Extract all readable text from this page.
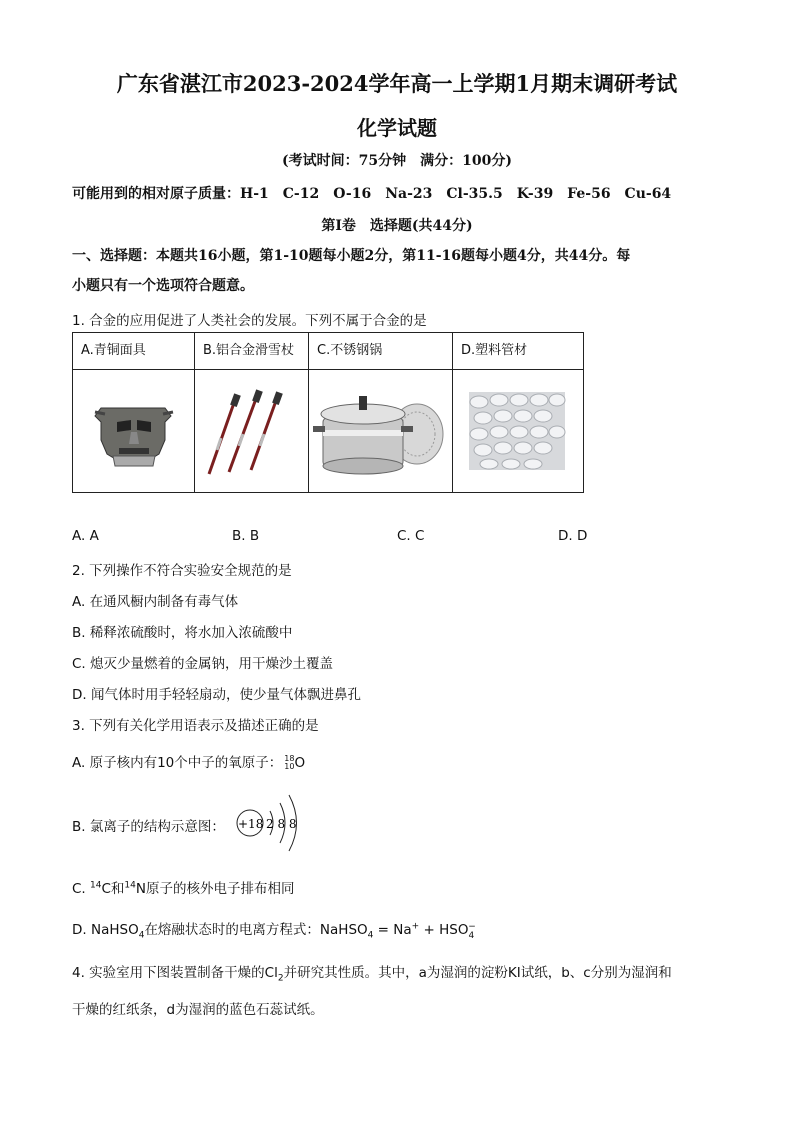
广东省湛江市2023-2024学年高一上学期1月期末调研考试
化学试题
(考试时间：75分钟　满分：100分)
可能用到的相对原子质量：H-1　C-12　O-16　Na-23　Cl-35.5　K-39　Fe-56　Cu-64
第Ⅰ卷　选择题(共44分)
一、选择题：本题共16小题，第1-10题每小题2分，第11-16题每小题4分，共44分。每
小题只有一个选项符合题意。
1. 合金的应用促进了人类社会的发展。下列不属于合金的是
A.青铜面具	B.铝合金滑雪杖	C.不锈钢锅	D.塑料管材

A. A	B. B	C. C	D. D
2. 下列操作不符合实验安全规范的是
A. 在通风橱内制备有毒气体
B. 稀释浓硫酸时，将水加入浓硫酸中
C. 熄灭少量燃着的金属钠，用干燥沙土覆盖
D. 闻气体时用手轻轻扇动，使少量气体飘进鼻孔
3. 下列有关化学用语表示及描述正确的是
A. 原子核内有10个中子的氧原子： 18
10 O
B. 氯离子的结构示意图： +18 2 8 8
C. $^{14}$C和$^{14}$N原子的核外电子排布相同
D. NaHSO$_4$在熔融状态时的电离方程式：NaHSO$_4$ = $Na^+ + HSO_4^-$
4. 实验室用下图装置制备干燥的$Cl_2$并研究其性质。其中，a为湿润的淀粉KI试纸，b、c分别为湿润和
干燥的红纸条，d为湿润的蓝色石蕊试纸。
